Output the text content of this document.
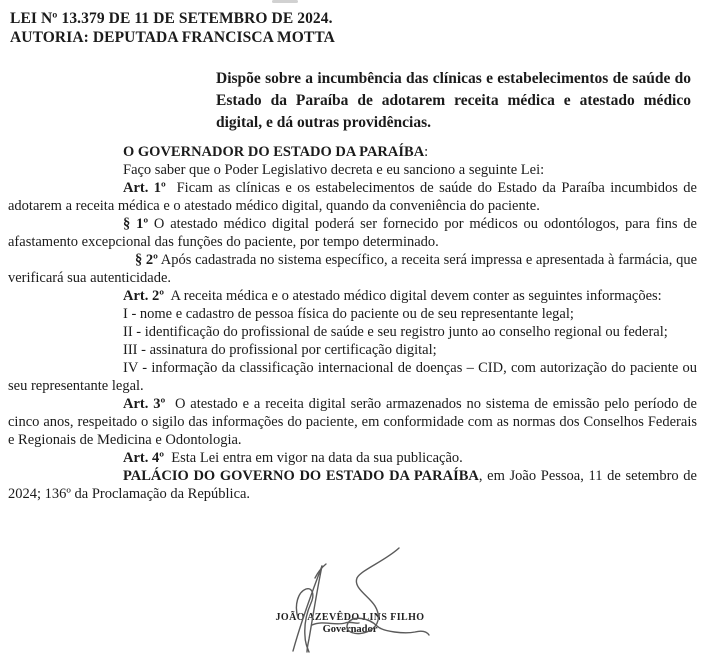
LEI Nº 13.379 DE 11 DE SETEMBRO DE 2024.
AUTORIA: DEPUTADA FRANCISCA MOTTA
Dispõe sobre a incumbência das clínicas e estabelecimentos de saúde do Estado da Paraíba de adotarem receita médica e atestado médico digital, e dá outras providências.

O GOVERNADOR DO ESTADO DA PARAÍBA:

Faço saber que o Poder Legislativo decreta e eu sanciono a seguinte Lei:

Art. 1º  Ficam as clínicas e os estabelecimentos de saúde do Estado da Paraíba incumbidos de adotarem a receita médica e o atestado médico digital, quando da conveniência do paciente.

§ 1º O atestado médico digital poderá ser fornecido por médicos ou odontólogos, para fins de afastamento excepcional das funções do paciente, por tempo determinado.

§ 2º Após cadastrada no sistema específico, a receita será impressa e apresentada à farmácia, que verificará sua autenticidade.

Art. 2º  A receita médica e o atestado médico digital devem conter as seguintes informações:

I - nome e cadastro de pessoa física do paciente ou de seu representante legal;

II - identificação do profissional de saúde e seu registro junto ao conselho regional ou federal;

III - assinatura do profissional por certificação digital;

IV - informação da classificação internacional de doenças – CID, com autorização do paciente ou seu representante legal.

Art. 3º  O atestado e a receita digital serão armazenados no sistema de emissão pelo período de cinco anos, respeitado o sigilo das informações do paciente, em conformidade com as normas dos Conselhos Federais e Regionais de Medicina e Odontologia.

Art. 4º  Esta Lei entra em vigor na data da sua publicação.

PALÁCIO DO GOVERNO DO ESTADO DA PARAÍBA, em João Pessoa, 11 de setembro de 2024; 136º da Proclamação da República.

JOÃO AZEVÊDO LINS FILHO
Governador
